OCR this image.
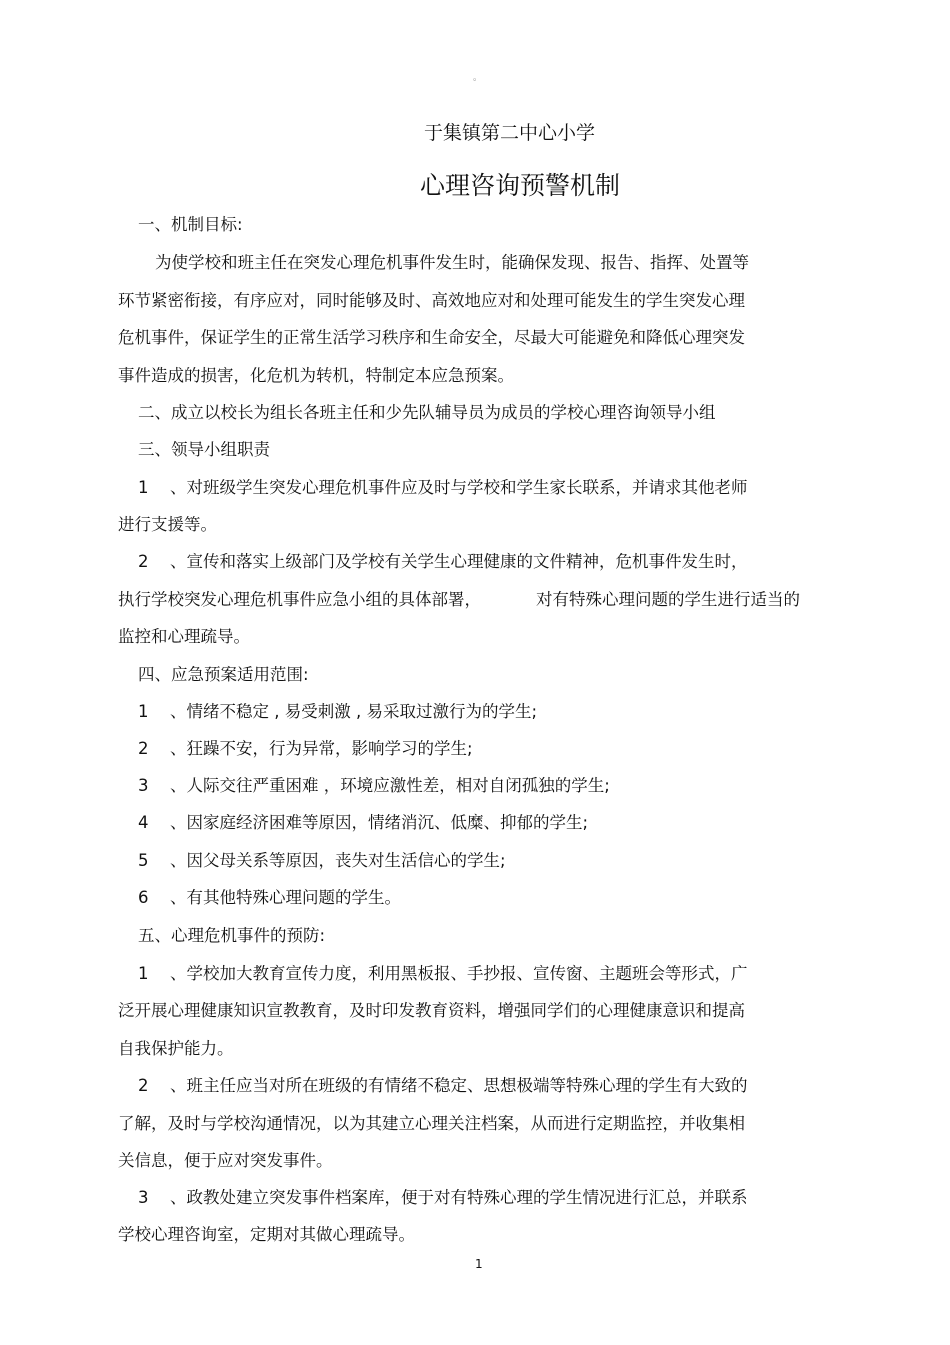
。
于集镇第二中心小学
心理咨询预警机制
一、机制目标:
为使学校和班主任在突发心理危机事件发生时，能确保发现、报告、指挥、处置等
环节紧密衔接，有序应对，同时能够及时、高效地应对和处理可能发生的学生突发心理
危机事件，保证学生的正常生活学习秩序和生命安全，尽最大可能避免和降低心理突发
事件造成的损害，化危机为转机，特制定本应急预案。
二、成立以校长为组长各班主任和少先队辅导员为成员的学校心理咨询领导小组
三、领导小组职责
1 、对班级学生突发心理危机事件应及时与学校和学生家长联系，并请求其他老师
进行支援等。
2 、宣传和落实上级部门及学校有关学生心理健康的文件精神，危机事件发生时，
执行学校突发心理危机事件应急小组的具体部署，	对有特殊心理问题的学生进行适当的
监控和心理疏导。
四、应急预案适用范围:
1 、情绪不稳定 , 易受刺激 , 易采取过激行为的学生;
2 、狂躁不安，行为异常，影响学习的学生;
3 、人际交往严重困难 ，环境应激性差，相对自闭孤独的学生;
4 、因家庭经济困难等原因，情绪消沉、低糜、抑郁的学生;
5 、因父母关系等原因，丧失对生活信心的学生;
6 、有其他特殊心理问题的学生。
五、心理危机事件的预防:
1 、学校加大教育宣传力度，利用黑板报、手抄报、宣传窗、主题班会等形式，广
泛开展心理健康知识宣教教育，及时印发教育资料，增强同学们的心理健康意识和提高
自我保护能力。
2 、班主任应当对所在班级的有情绪不稳定、思想极端等特殊心理的学生有大致的
了解，及时与学校沟通情况，以为其建立心理关注档案，从而进行定期监控，并收集相
关信息，便于应对突发事件。
3 、政教处建立突发事件档案库，便于对有特殊心理的学生情况进行汇总，并联系
学校心理咨询室，定期对其做心理疏导。
1
